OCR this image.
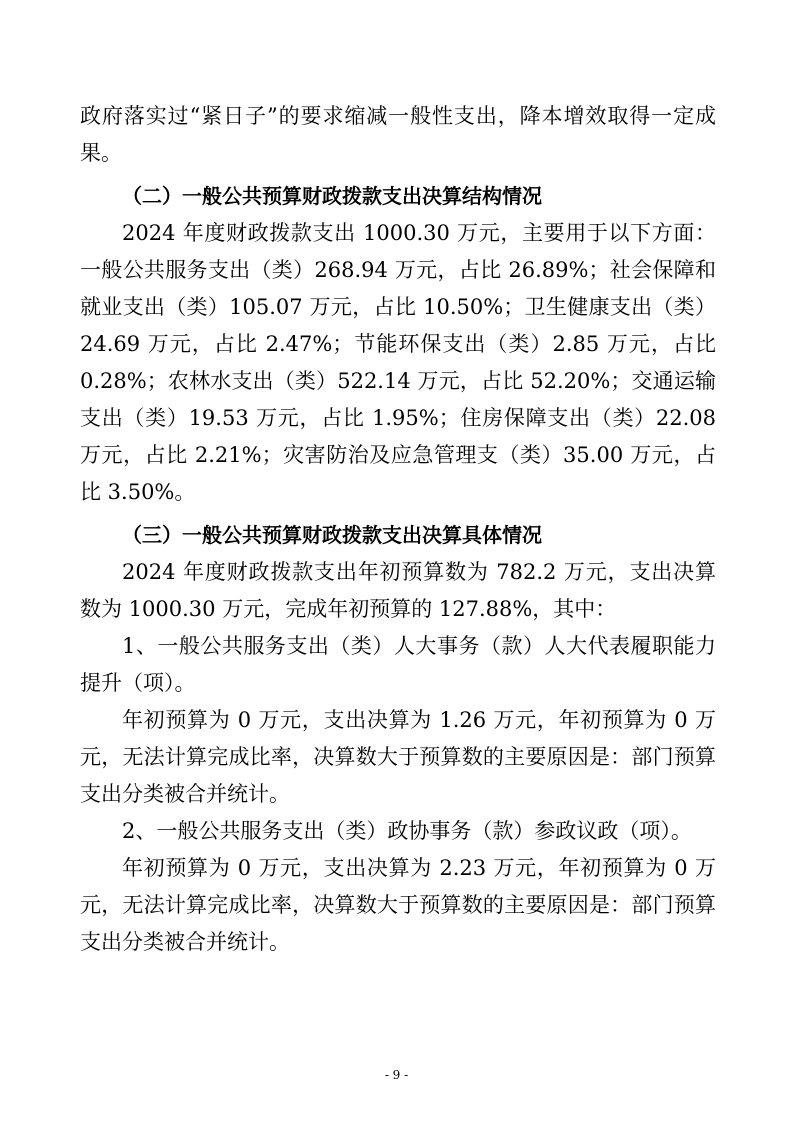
政府落实过“紧日子”的要求缩减一般性支出，降本增效取得一定成果。

（二）一般公共预算财政拨款支出决算结构情况

2024 年度财政拨款支出 1000.30 万元，主要用于以下方面：一般公共服务支出（类）268.94 万元，占比 26.89%；社会保障和就业支出（类）105.07 万元，占比 10.50%；卫生健康支出（类）24.69 万元，占比 2.47%；节能环保支出（类）2.85 万元，占比 0.28%；农林水支出（类）522.14 万元，占比 52.20%；交通运输支出（类）19.53 万元，占比 1.95%；住房保障支出（类）22.08 万元，占比 2.21%；灾害防治及应急管理支（类）35.00 万元，占比 3.50%。

（三）一般公共预算财政拨款支出决算具体情况

2024 年度财政拨款支出年初预算数为 782.2 万元，支出决算数为 1000.30 万元，完成年初预算的 127.88%，其中：

1、一般公共服务支出（类）人大事务（款）人大代表履职能力提升（项）。

年初预算为 0 万元，支出决算为 1.26 万元，年初预算为 0 万元，无法计算完成比率，决算数大于预算数的主要原因是：部门预算支出分类被合并统计。

2、一般公共服务支出（类）政协事务（款）参政议政（项）。

年初预算为 0 万元，支出决算为 2.23 万元，年初预算为 0 万元，无法计算完成比率，决算数大于预算数的主要原因是：部门预算支出分类被合并统计。

- 9 -
